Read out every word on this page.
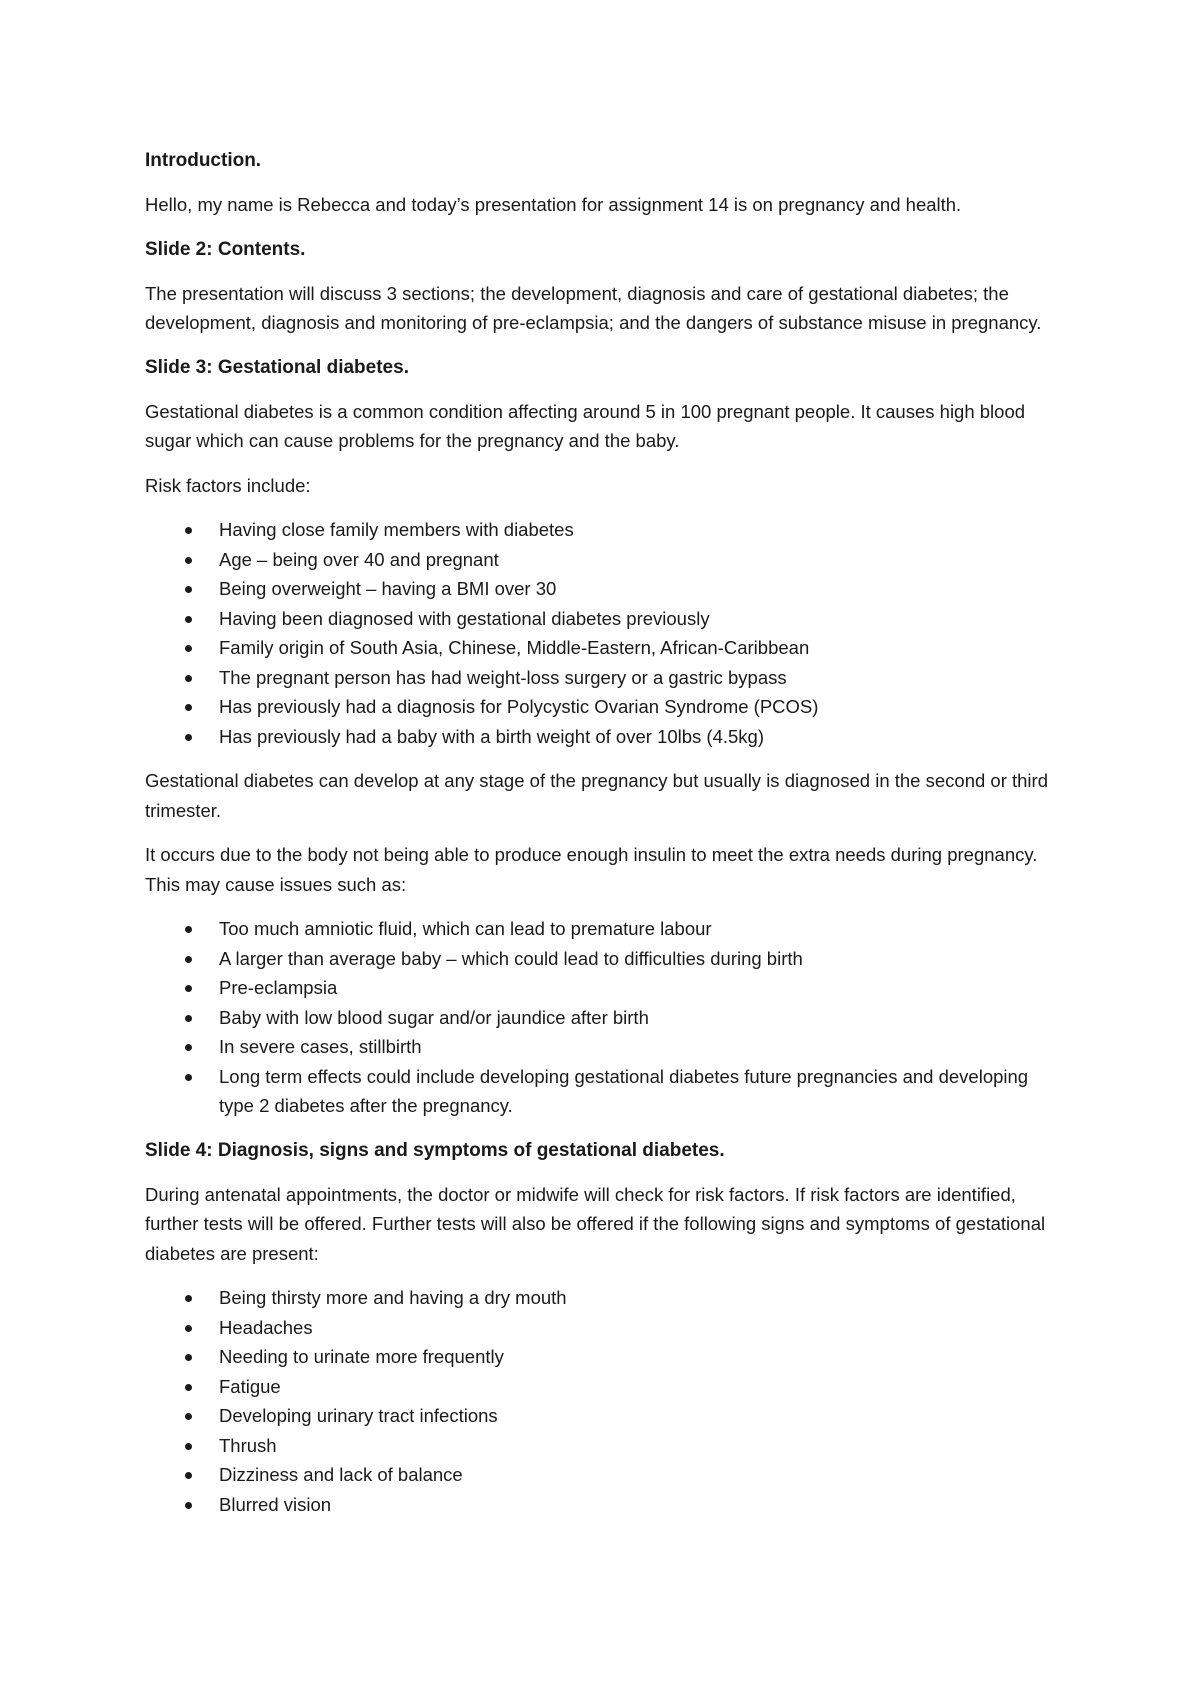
Introduction.

Hello, my name is Rebecca and today’s presentation for assignment 14 is on pregnancy and health.

Slide 2: Contents.

The presentation will discuss 3 sections; the development, diagnosis and care of gestational diabetes; the development, diagnosis and monitoring of pre-eclampsia; and the dangers of substance misuse in pregnancy.

Slide 3: Gestational diabetes.

Gestational diabetes is a common condition affecting around 5 in 100 pregnant people. It causes high blood sugar which can cause problems for the pregnancy and the baby.

Risk factors include:

Having close family members with diabetes
Age – being over 40 and pregnant
Being overweight – having a BMI over 30
Having been diagnosed with gestational diabetes previously
Family origin of South Asia, Chinese, Middle-Eastern, African-Caribbean
The pregnant person has had weight-loss surgery or a gastric bypass
Has previously had a diagnosis for Polycystic Ovarian Syndrome (PCOS)
Has previously had a baby with a birth weight of over 10lbs (4.5kg)

Gestational diabetes can develop at any stage of the pregnancy but usually is diagnosed in the second or third trimester.

It occurs due to the body not being able to produce enough insulin to meet the extra needs during pregnancy. This may cause issues such as:

Too much amniotic fluid, which can lead to premature labour
A larger than average baby – which could lead to difficulties during birth
Pre-eclampsia
Baby with low blood sugar and/or jaundice after birth
In severe cases, stillbirth
Long term effects could include developing gestational diabetes future pregnancies and developing type 2 diabetes after the pregnancy.
Slide 4: Diagnosis, signs and symptoms of gestational diabetes.

During antenatal appointments, the doctor or midwife will check for risk factors. If risk factors are identified, further tests will be offered. Further tests will also be offered if the following signs and symptoms of gestational diabetes are present:

Being thirsty more and having a dry mouth
Headaches
Needing to urinate more frequently
Fatigue
Developing urinary tract infections
Thrush
Dizziness and lack of balance
Blurred vision
